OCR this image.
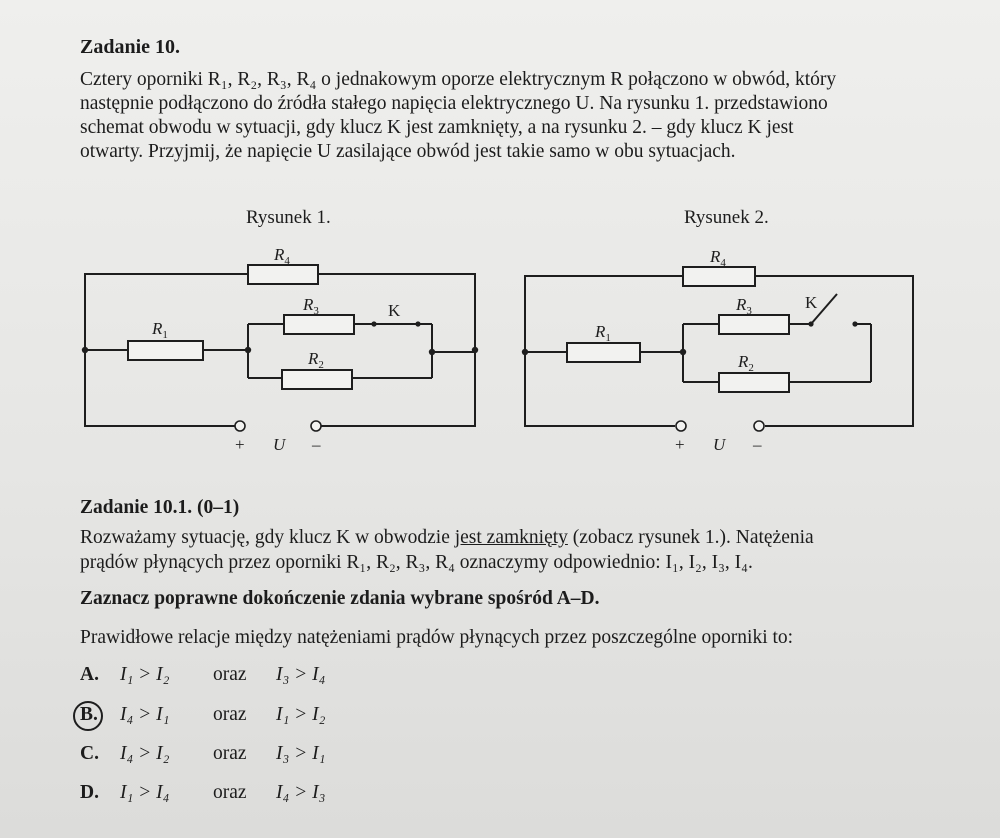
Zadanie 10.
Cztery oporniki R₁, R₂, R₃, R₄ o jednakowym oporze elektrycznym R połączono w obwód, który
następnie podłączono do źródła stałego napięcia elektrycznego U. Na rysunku 1. przedstawiono
schemat obwodu w sytuacji, gdy klucz K jest zamknięty, a na rysunku 2. – gdy klucz K jest
otwarty. Przyjmij, że napięcie U zasilające obwód jest takie samo w obu sytuacjach.
Rysunek 1.	Rysunek 2.
$R_1$
$R_4$
$R_3$
$R_2$
K
+ U –
$R_1$
$R_4$
$R_3$
$R_2$
K
+ U –
Zadanie 10.1. (0–1)
Rozważamy sytuację, gdy klucz K w obwodzie jest zamknięty (zobacz rysunek 1.). Natężenia
prądów płynących przez oporniki R₁, R₂, R₃, R₄ oznaczymy odpowiednio: I₁, I₂, I₃, I₄.
Zaznacz poprawne dokończenie zdania wybrane spośród A–D.
Prawidłowe relacje między natężeniami prądów płynących przez poszczególne oporniki to:
A. I₁ > I₂ oraz I₃ > I₄
B. I₄ > I₁ oraz I₁ > I₂
C. I₄ > I₂ oraz I₃ > I₁
D. I₁ > I₄ oraz I₄ > I₃
